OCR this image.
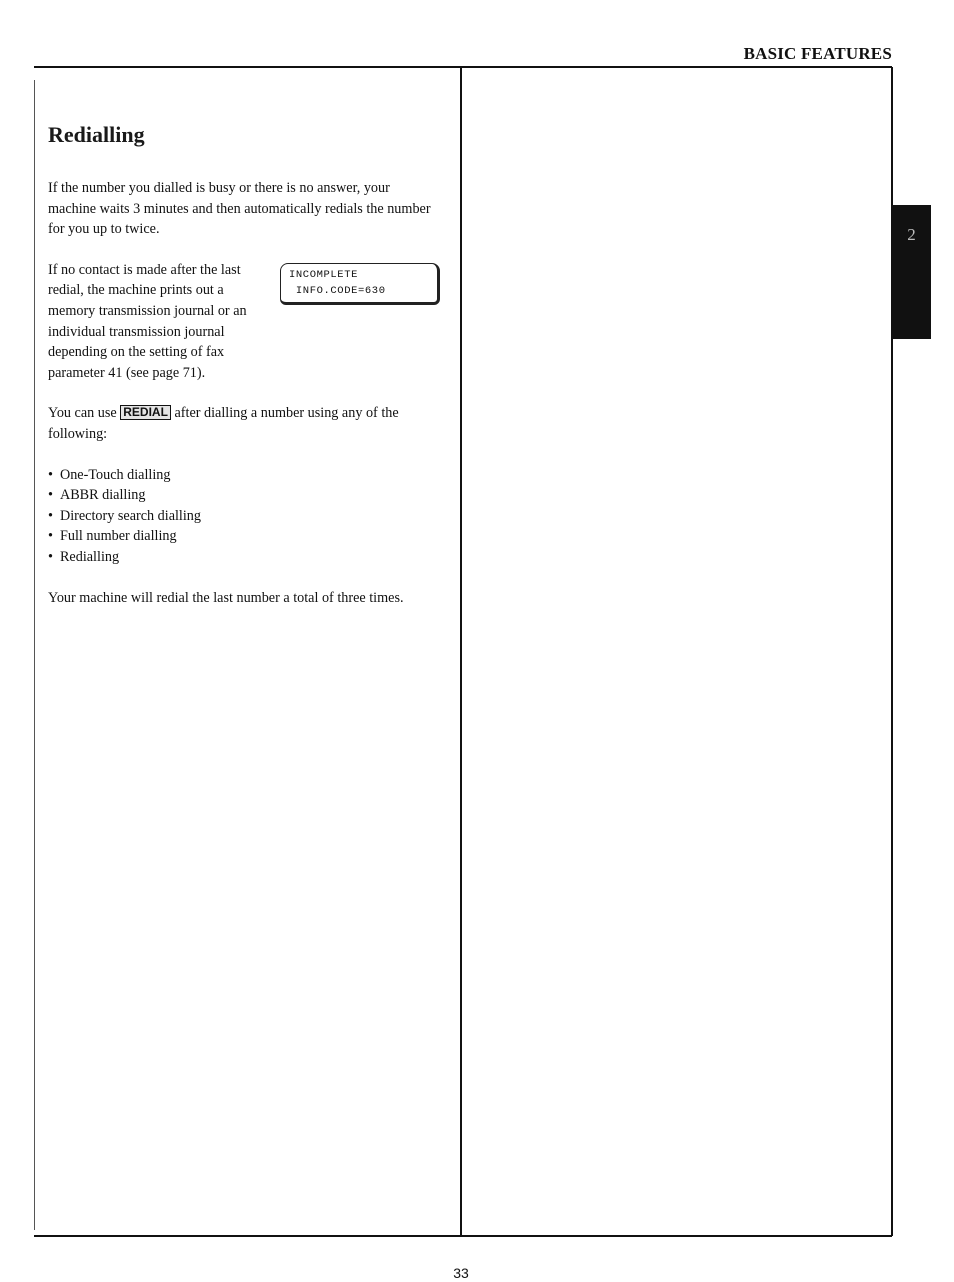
BASIC FEATURES
2
Redialling

If the number you dialled is busy or there is no answer, your machine waits 3 minutes and then automatically redials the number for you up to twice.

If no contact is made after the last redial, the machine prints out a memory transmission journal or an individual transmission journal depending on the setting of fax parameter 41 (see page 71).

INCOMPLETE
INFO.CODE=630

You can use REDIAL after dialling a number using any of the following:

• One-Touch dialling
• ABBR dialling
• Directory search dialling
• Full number dialling
• Redialling

Your machine will redial the last number a total of three times.

33
